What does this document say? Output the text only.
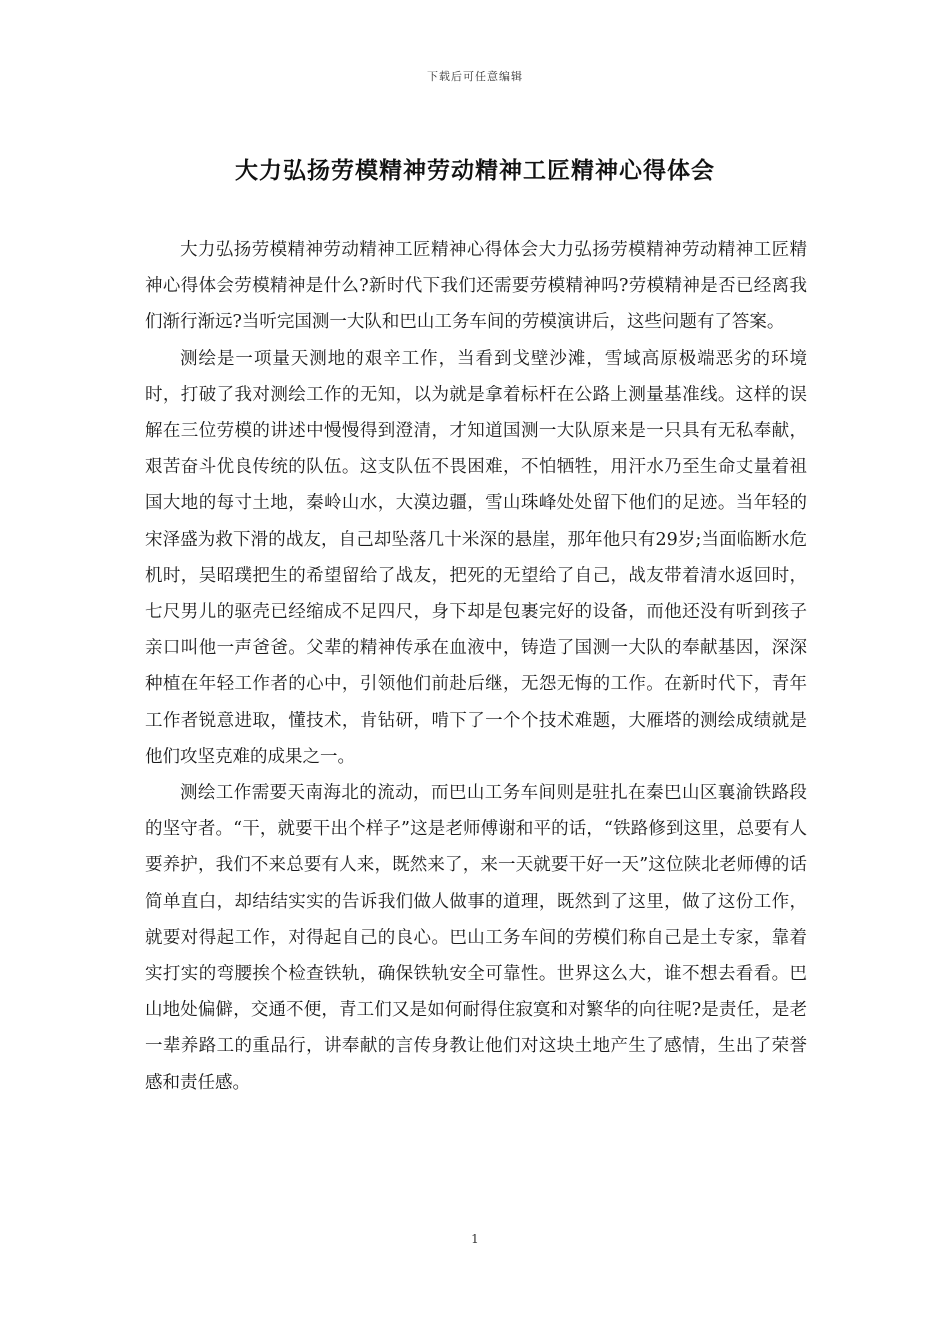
下载后可任意编辑
大力弘扬劳模精神劳动精神工匠精神心得体会

大力弘扬劳模精神劳动精神工匠精神心得体会大力弘扬劳模精神劳动精神工匠精神心得体会劳模精神是什么?新时代下我们还需要劳模精神吗?劳模精神是否已经离我们渐行渐远?当听完国测一大队和巴山工务车间的劳模演讲后，这些问题有了答案。

测绘是一项量天测地的艰辛工作，当看到戈壁沙滩，雪域高原极端恶劣的环境时，打破了我对测绘工作的无知，以为就是拿着标杆在公路上测量基准线。这样的误解在三位劳模的讲述中慢慢得到澄清，才知道国测一大队原来是一只具有无私奉献，艰苦奋斗优良传统的队伍。这支队伍不畏困难，不怕牺牲，用汗水乃至生命丈量着祖国大地的每寸土地，秦岭山水，大漠边疆，雪山珠峰处处留下他们的足迹。当年轻的宋泽盛为救下滑的战友，自己却坠落几十米深的悬崖，那年他只有29岁;当面临断水危机时，吴昭璞把生的希望留给了战友，把死的无望给了自己，战友带着清水返回时，七尺男儿的驱壳已经缩成不足四尺，身下却是包裹完好的设备，而他还没有听到孩子亲口叫他一声爸爸。父辈的精神传承在血液中，铸造了国测一大队的奉献基因，深深种植在年轻工作者的心中，引领他们前赴后继，无怨无悔的工作。在新时代下，青年工作者锐意进取，懂技术，肯钻研，啃下了一个个技术难题，大雁塔的测绘成绩就是他们攻坚克难的成果之一。

测绘工作需要天南海北的流动，而巴山工务车间则是驻扎在秦巴山区襄渝铁路段的坚守者。“干，就要干出个样子”这是老师傅谢和平的话，“铁路修到这里，总要有人要养护，我们不来总要有人来，既然来了，来一天就要干好一天”这位陕北老师傅的话简单直白，却结结实实的告诉我们做人做事的道理，既然到了这里，做了这份工作，就要对得起工作，对得起自己的良心。巴山工务车间的劳模们称自己是土专家，靠着实打实的弯腰挨个检查铁轨，确保铁轨安全可靠性。世界这么大，谁不想去看看。巴山地处偏僻，交通不便，青工们又是如何耐得住寂寞和对繁华的向往呢?是责任，是老一辈养路工的重品行，讲奉献的言传身教让他们对这块土地产生了感情，生出了荣誉感和责任感。

1
